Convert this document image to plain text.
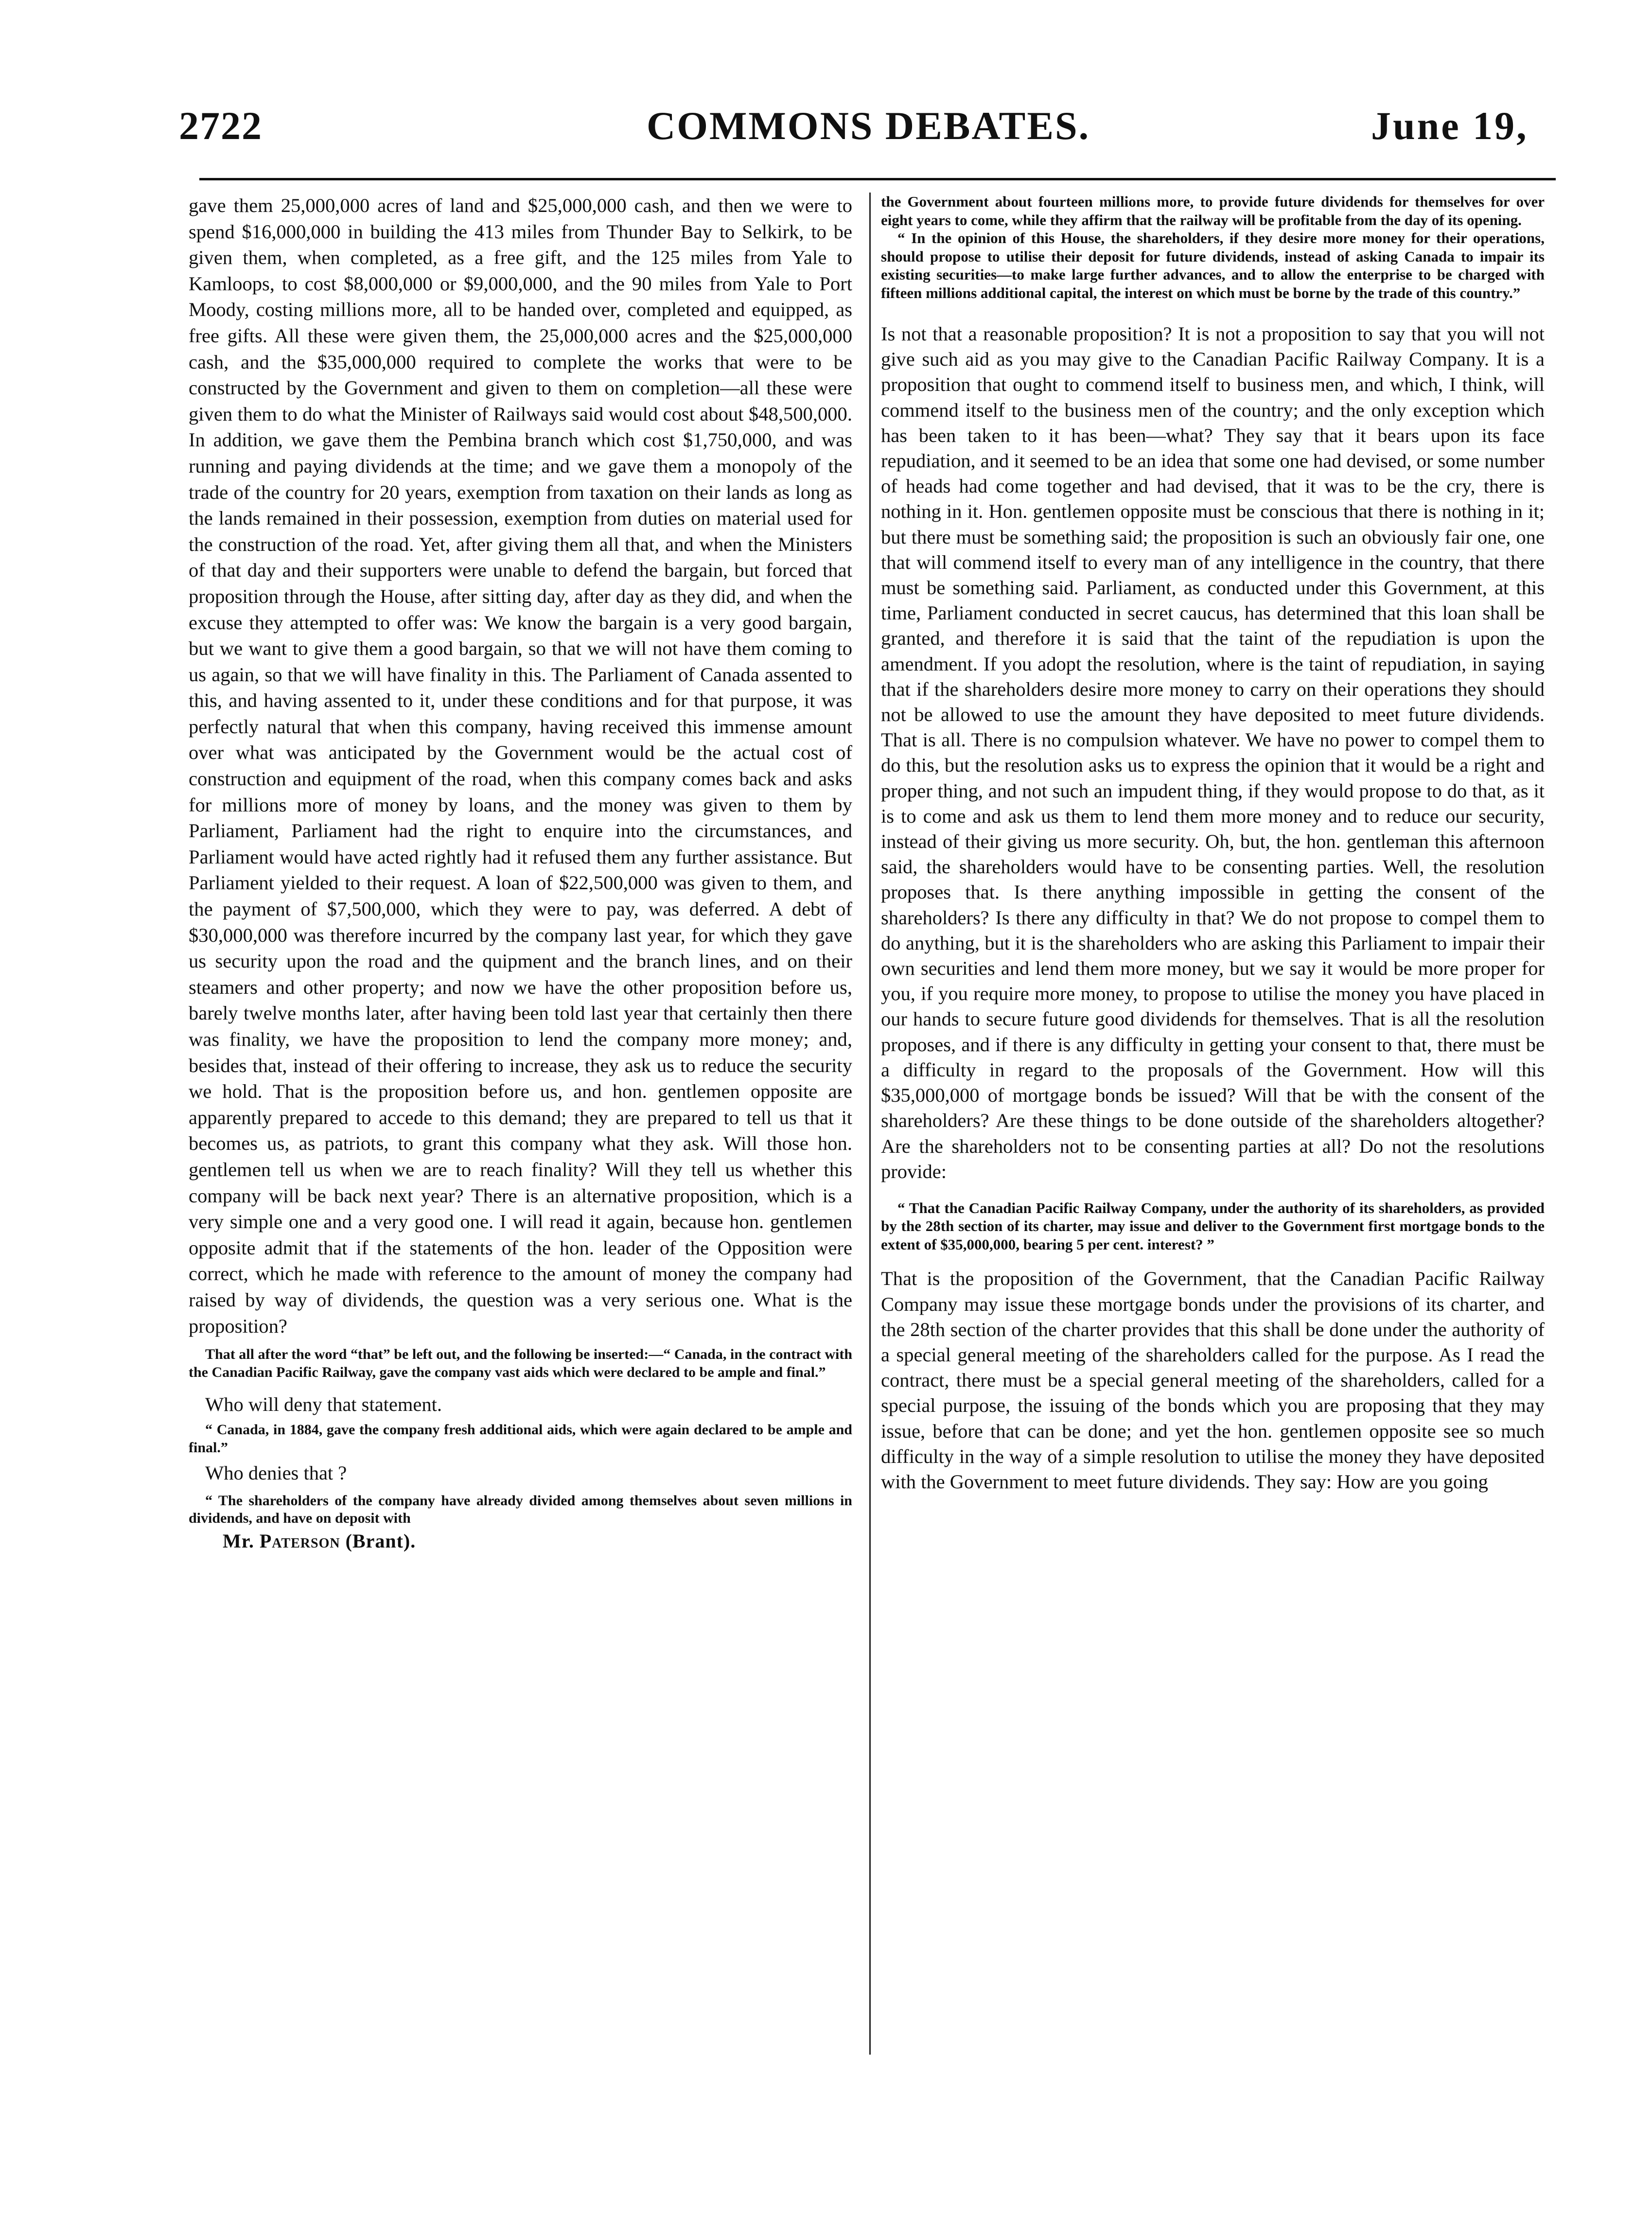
2722	COMMONS DEBATES.	June 19,

gave them 25,000,000 acres of land and $25,000,000 cash, and then we were to spend $16,000,000 in building the 413 miles from Thunder Bay to Selkirk, to be given them, when completed, as a free gift, and the 125 miles from Yale to Kamloops, to cost $8,000,000 or $9,000,000, and the 90 miles from Yale to Port Moody, costing millions more, all to be handed over, completed and equipped, as free gifts. All these were given them, the 25,000,000 acres and the $25,000,000 cash, and the $35,000,000 required to complete the works that were to be constructed by the Government and given to them on completion—all these were given them to do what the Minister of Railways said would cost about $48,500,000. In addition, we gave them the Pembina branch which cost $1,750,000, and was running and paying dividends at the time; and we gave them a monopoly of the trade of the country for 20 years, exemption from taxation on their lands as long as the lands remained in their possession, exemption from duties on material used for the construction of the road. Yet, after giving them all that, and when the Ministers of that day and their supporters were unable to defend the bargain, but forced that proposition through the House, after sitting day, after day as they did, and when the excuse they attempted to offer was: We know the bargain is a very good bargain, but we want to give them a good bargain, so that we will not have them coming to us again, so that we will have finality in this. The Parliament of Canada assented to this, and having assented to it, under these conditions and for that purpose, it was perfectly natural that when this company, having received this immense amount over what was anticipated by the Government would be the actual cost of construction and equipment of the road, when this company comes back and asks for millions more of money by loans, and the money was given to them by Parliament, Parliament had the right to enquire into the circumstances, and Parliament would have acted rightly had it refused them any further assistance. But Parliament yielded to their request. A loan of $22,500,000 was given to them, and the payment of $7,500,000, which they were to pay, was deferred. A debt of $30,000,000 was therefore incurred by the company last year, for which they gave us security upon the road and the quipment and the branch lines, and on their steamers and other property; and now we have the other proposition before us, barely twelve months later, after having been told last year that certainly then there was finality, we have the proposition to lend the company more money; and, besides that, instead of their offering to increase, they ask us to reduce the security we hold. That is the proposition before us, and hon. gentlemen opposite are apparently prepared to accede to this demand; they are prepared to tell us that it becomes us, as patriots, to grant this company what they ask. Will those hon. gentlemen tell us when we are to reach finality? Will they tell us whether this company will be back next year? There is an alternative proposition, which is a very simple one and a very good one. I will read it again, because hon. gentlemen opposite admit that if the statements of the hon. leader of the Opposition were correct, which he made with reference to the amount of money the company had raised by way of dividends, the question was a very serious one. What is the proposition?

That all after the word “that” be left out, and the following be inserted:—“ Canada, in the contract with the Canadian Pacific Railway, gave the company vast aids which were declared to be ample and final.”

Who will deny that statement.

“ Canada, in 1884, gave the company fresh additional aids, which were again declared to be ample and final.”

Who denies that ?

“ The shareholders of the company have already divided among themselves about seven millions in dividends, and have on deposit with

Mr. Paterson (Brant).

the Government about fourteen millions more, to provide future dividends for themselves for over eight years to come, while they affirm that the railway will be profitable from the day of its opening.

“ In the opinion of this House, the shareholders, if they desire more money for their operations, should propose to utilise their deposit for future dividends, instead of asking Canada to impair its existing securities—to make large further advances, and to allow the enterprise to be charged with fifteen millions additional capital, the interest on which must be borne by the trade of this country.”

Is not that a reasonable proposition? It is not a proposition to say that you will not give such aid as you may give to the Canadian Pacific Railway Company. It is a proposition that ought to commend itself to business men, and which, I think, will commend itself to the business men of the country; and the only exception which has been taken to it has been—what? They say that it bears upon its face repudiation, and it seemed to be an idea that some one had devised, or some number of heads had come together and had devised, that it was to be the cry, there is nothing in it. Hon. gentlemen opposite must be conscious that there is nothing in it; but there must be something said; the proposition is such an obviously fair one, one that will commend itself to every man of any intelligence in the country, that there must be something said. Parliament, as conducted under this Government, at this time, Parliament conducted in secret caucus, has determined that this loan shall be granted, and therefore it is said that the taint of the repudiation is upon the amendment. If you adopt the resolution, where is the taint of repudiation, in saying that if the shareholders desire more money to carry on their operations they should not be allowed to use the amount they have deposited to meet future dividends. That is all. There is no compulsion whatever. We have no power to compel them to do this, but the resolution asks us to express the opinion that it would be a right and proper thing, and not such an impudent thing, if they would propose to do that, as it is to come and ask us them to lend them more money and to reduce our security, instead of their giving us more security. Oh, but, the hon. gentleman this afternoon said, the shareholders would have to be consenting parties. Well, the resolution proposes that. Is there anything impossible in getting the consent of the shareholders? Is there any difficulty in that? We do not propose to compel them to do anything, but it is the shareholders who are asking this Parliament to impair their own securities and lend them more money, but we say it would be more proper for you, if you require more money, to propose to utilise the money you have placed in our hands to secure future good dividends for themselves. That is all the resolution proposes, and if there is any difficulty in getting your consent to that, there must be a difficulty in regard to the proposals of the Government. How will this $35,000,000 of mortgage bonds be issued? Will that be with the consent of the shareholders? Are these things to be done outside of the shareholders altogether? Are the shareholders not to be consenting parties at all? Do not the resolutions provide:

“ That the Canadian Pacific Railway Company, under the authority of its shareholders, as provided by the 28th section of its charter, may issue and deliver to the Government first mortgage bonds to the extent of $35,000,000, bearing 5 per cent. interest? ”

That is the proposition of the Government, that the Canadian Pacific Railway Company may issue these mortgage bonds under the provisions of its charter, and the 28th section of the charter provides that this shall be done under the authority of a special general meeting of the shareholders called for the purpose. As I read the contract, there must be a special general meeting of the shareholders, called for a special purpose, the issuing of the bonds which you are proposing that they may issue, before that can be done; and yet the hon. gentlemen opposite see so much difficulty in the way of a simple resolution to utilise the money they have deposited with the Government to meet future dividends. They say: How are you going
